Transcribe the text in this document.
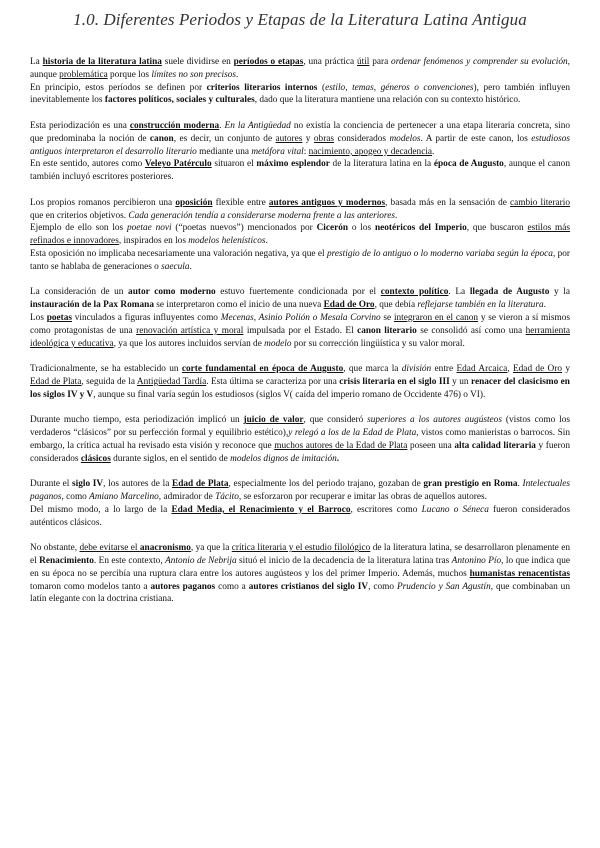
1.0. Diferentes Periodos y Etapas de la Literatura Latina Antigua

La historia de la literatura latina suele dividirse en períodos o etapas, una práctica útil para ordenar fenómenos y comprender su evolución, aunque problemática porque los límites no son precisos.

En principio, estos períodos se definen por criterios literarios internos (estilo, temas, géneros o convenciones), pero también influyen inevitablemente los factores políticos, sociales y culturales, dado que la literatura mantiene una relación con su contexto histórico.

Esta periodización es una construcción moderna. En la Antigüedad no existía la conciencia de pertenecer a una etapa literaria concreta, sino que predominaba la noción de canon, es decir, un conjunto de autores y obras considerados modelos. A partir de este canon, los estudiosos antiguos interpretaron el desarrollo literario mediante una metáfora vital: nacimiento, apogeo y decadencia.

En este sentido, autores como Veleyo Patérculo situaron el máximo esplendor de la literatura latina en la época de Augusto, aunque el canon también incluyó escritores posteriores.

Los propios romanos percibieron una oposición flexible entre autores antiguos y modernos, basada más en la sensación de cambio literario que en criterios objetivos. Cada generación tendía a considerarse moderna frente a las anteriores.

Ejemplo de ello son los poetae novi (“poetas nuevos”) mencionados por Cicerón o los neotéricos del Imperio, que buscaron estilos más refinados e innovadores, inspirados en los modelos helenísticos.

Esta oposición no implicaba necesariamente una valoración negativa, ya que el prestigio de lo antiguo o lo moderno variaba según la época, por tanto se hablaba de generaciones o saecula.

La consideración de un autor como moderno estuvo fuertemente condicionada por el contexto político. La llegada de Augusto y la instauración de la Pax Romana se interpretaron como el inicio de una nueva Edad de Oro, que debía reflejarse también en la literatura.

Los poetas vinculados a figuras influyentes como Mecenas, Asinio Polión o Mesala Corvino se integraron en el canon y se vieron a sí mismos como protagonistas de una renovación artística y moral impulsada por el Estado. El canon literario se consolidó así como una herramienta ideológica y educativa, ya que los autores incluidos servían de modelo por su corrección lingüística y su valor moral.

Tradicionalmente, se ha establecido un corte fundamental en época de Augusto, que marca la división entre Edad Arcaica, Edad de Oro y Edad de Plata, seguida de la Antigüedad Tardía. Esta última se caracteriza por una crisis literaria en el siglo III y un renacer del clasicismo en los siglos IV y V, aunque su final varía según los estudiosos (siglos V( caída del imperio romano de Occidente 476) o VI).

Durante mucho tiempo, esta periodización implicó un juicio de valor, que consideró superiores a los autores augústeos (vistos como los verdaderos “clásicos” por su perfección formal y equilibrio estético),y relegó a los de la Edad de Plata, vistos como manieristas o barrocos. Sin embargo, la crítica actual ha revisado esta visión y reconoce que muchos autores de la Edad de Plata poseen una alta calidad literaria y fueron considerados clásicos durante siglos, en el sentido de modelos dignos de imitación.

Durante el siglo IV, los autores de la Edad de Plata, especialmente los del periodo trajano, gozaban de gran prestigio en Roma. Intelectuales paganos, como Amiano Marcelino, admirador de Tácito, se esforzaron por recuperar e imitar las obras de aquellos autores.

Del mismo modo, a lo largo de la Edad Media, el Renacimiento y el Barroco, escritores como Lucano o Séneca fueron considerados auténticos clásicos.

No obstante, debe evitarse el anacronismo, ya que la crítica literaria y el estudio filológico de la literatura latina, se desarrollaron plenamente en el Renacimiento. En este contexto, Antonio de Nebrija situó el inicio de la decadencia de la literatura latina tras Antonino Pío, lo que indica que en su época no se percibía una ruptura clara entre los autores augústeos y los del primer Imperio. Además, muchos humanistas renacentistas tomaron como modelos tanto a autores paganos como a autores cristianos del siglo IV, como Prudencio y San Agustín, que combinaban un latín elegante con la doctrina cristiana.
